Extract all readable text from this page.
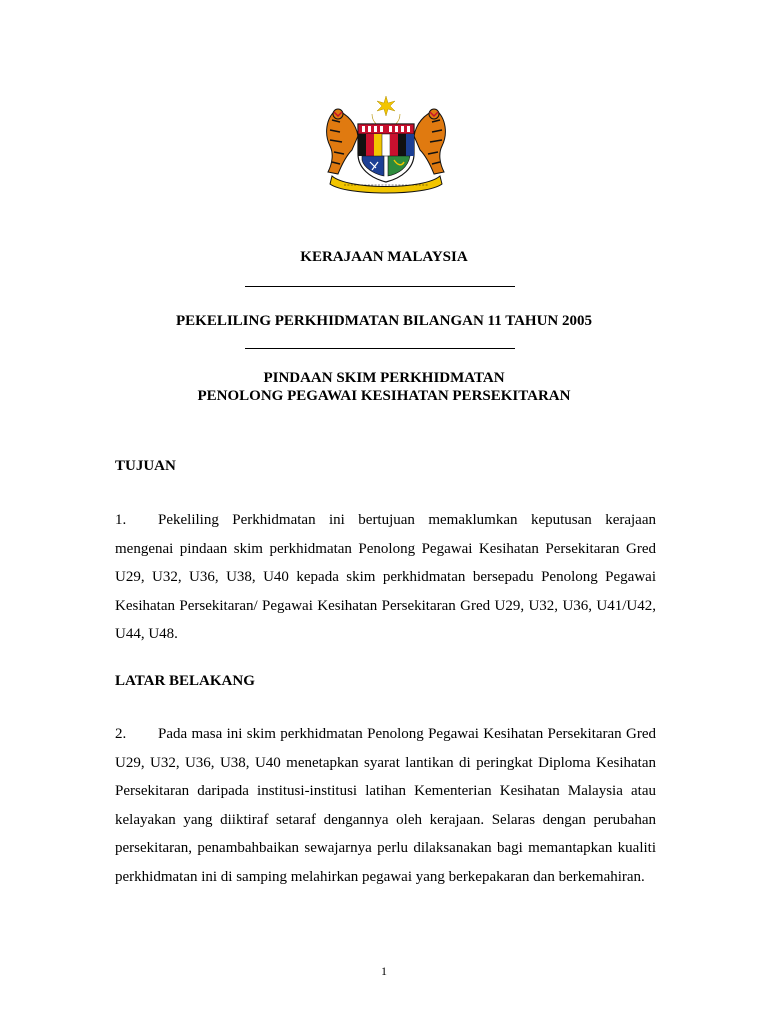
KERAJAAN MALAYSIA
PEKELILING PERKHIDMATAN BILANGAN 11 TAHUN 2005
PINDAAN SKIM PERKHIDMATAN
PENOLONG PEGAWAI KESIHATAN PERSEKITARAN
TUJUAN
1. Pekeliling Perkhidmatan ini bertujuan memaklumkan keputusan kerajaan
mengenai pindaan skim perkhidmatan Penolong Pegawai Kesihatan Persekitaran Gred
U29, U32, U36, U38, U40 kepada skim perkhidmatan bersepadu Penolong Pegawai
Kesihatan Persekitaran/ Pegawai Kesihatan Persekitaran Gred U29, U32, U36, U41/U42,
U44, U48.
LATAR BELAKANG
2. Pada masa ini skim perkhidmatan Penolong Pegawai Kesihatan Persekitaran Gred
U29, U32, U36, U38, U40 menetapkan syarat lantikan di peringkat Diploma Kesihatan
Persekitaran daripada institusi-institusi latihan Kementerian Kesihatan Malaysia atau
kelayakan yang diiktiraf setaraf dengannya oleh kerajaan. Selaras dengan perubahan
persekitaran, penambahbaikan sewajarnya perlu dilaksanakan bagi memantapkan kualiti
perkhidmatan ini di samping melahirkan pegawai yang berkepakaran dan berkemahiran.
1
